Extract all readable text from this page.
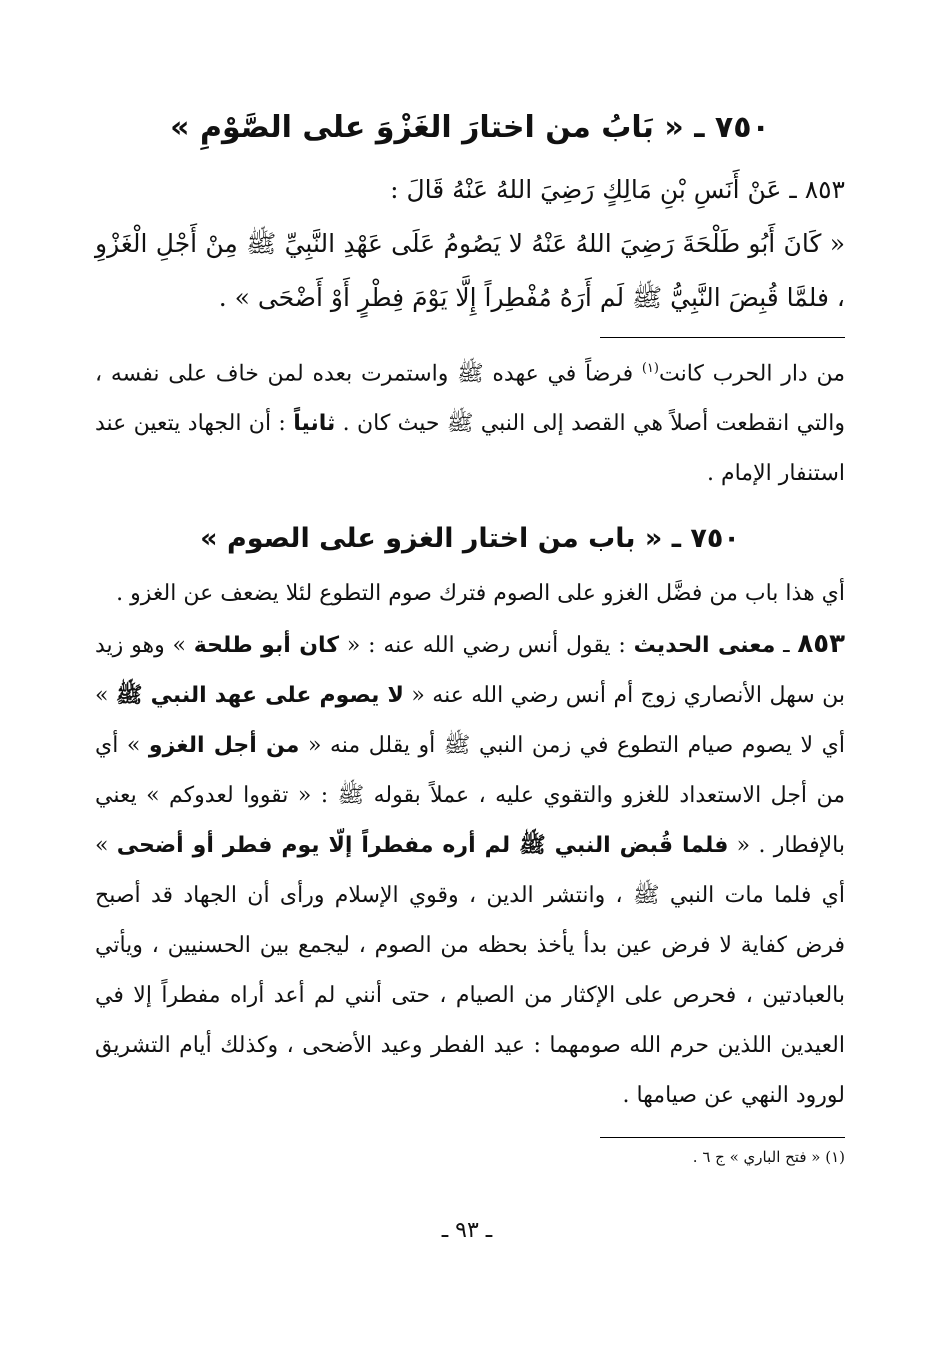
٧٥٠ ـ « بَابُ من اختارَ الغَزْوَ على الصَّوْمِ »

٨٥٣ ـ عَنْ أَنَسِ بْنِ مَالِكٍ رَضِيَ اللهُ عَنْهُ قَالَ :

« كَانَ أَبُو طَلْحَةَ رَضِيَ اللهُ عَنْهُ لا يَصُومُ عَلَى عَهْدِ النَّبِيِّ ﷺ مِنْ أَجْلِ الْغَزْوِ ، فلمَّا قُبِضَ النَّبِيُّ ﷺ لَم أَرَهُ مُفْطِراً إِلَّا يَوْمَ فِطْرٍ أَوْ أَضْحَى » .

من دار الحرب كانت$^{(١)}$ فرضاً في عهده ﷺ واستمرت بعده لمن خاف على نفسه ، والتي انقطعت أصلاً هي القصد إلى النبي ﷺ حيث كان . ثانياً : أن الجهاد يتعين عند استنفار الإمام .

٧٥٠ ـ « باب من اختار الغزو على الصوم »

أي هذا باب من فضَّل الغزو على الصوم فترك صوم التطوع لئلا يضعف عن الغزو .

٨٥٣ ـ معنى الحديث : يقول أنس رضي الله عنه : « كان أبو طلحة » وهو زيد بن سهل الأنصاري زوج أم أنس رضي الله عنه « لا يصوم على عهد النبي ﷺ » أي لا يصوم صيام التطوع في زمن النبي ﷺ أو يقلل منه « من أجل الغزو » أي من أجل الاستعداد للغزو والتقوي عليه ، عملاً بقوله ﷺ : « تقووا لعدوكم » يعني بالإفطار . « فلما قُبض النبي ﷺ لم أره مفطراً إلّا يوم فطر أو أضحى » أي فلما مات النبي ﷺ ، وانتشر الدين ، وقوي الإسلام ورأى أن الجهاد قد أصبح فرض كفاية لا فرض عين بدأ يأخذ بحظه من الصوم ، ليجمع بين الحسنيين ، ويأتي بالعبادتين ، فحرص على الإكثار من الصيام ، حتى أنني لم أعد أراه مفطراً إلا في العيدين اللذين حرم الله صومهما : عيد الفطر وعيد الأضحى ، وكذلك أيام التشريق لورود النهي عن صيامها .

(١) « فتح الباري » ج ٦ .

ـ ٩٣ ـ
